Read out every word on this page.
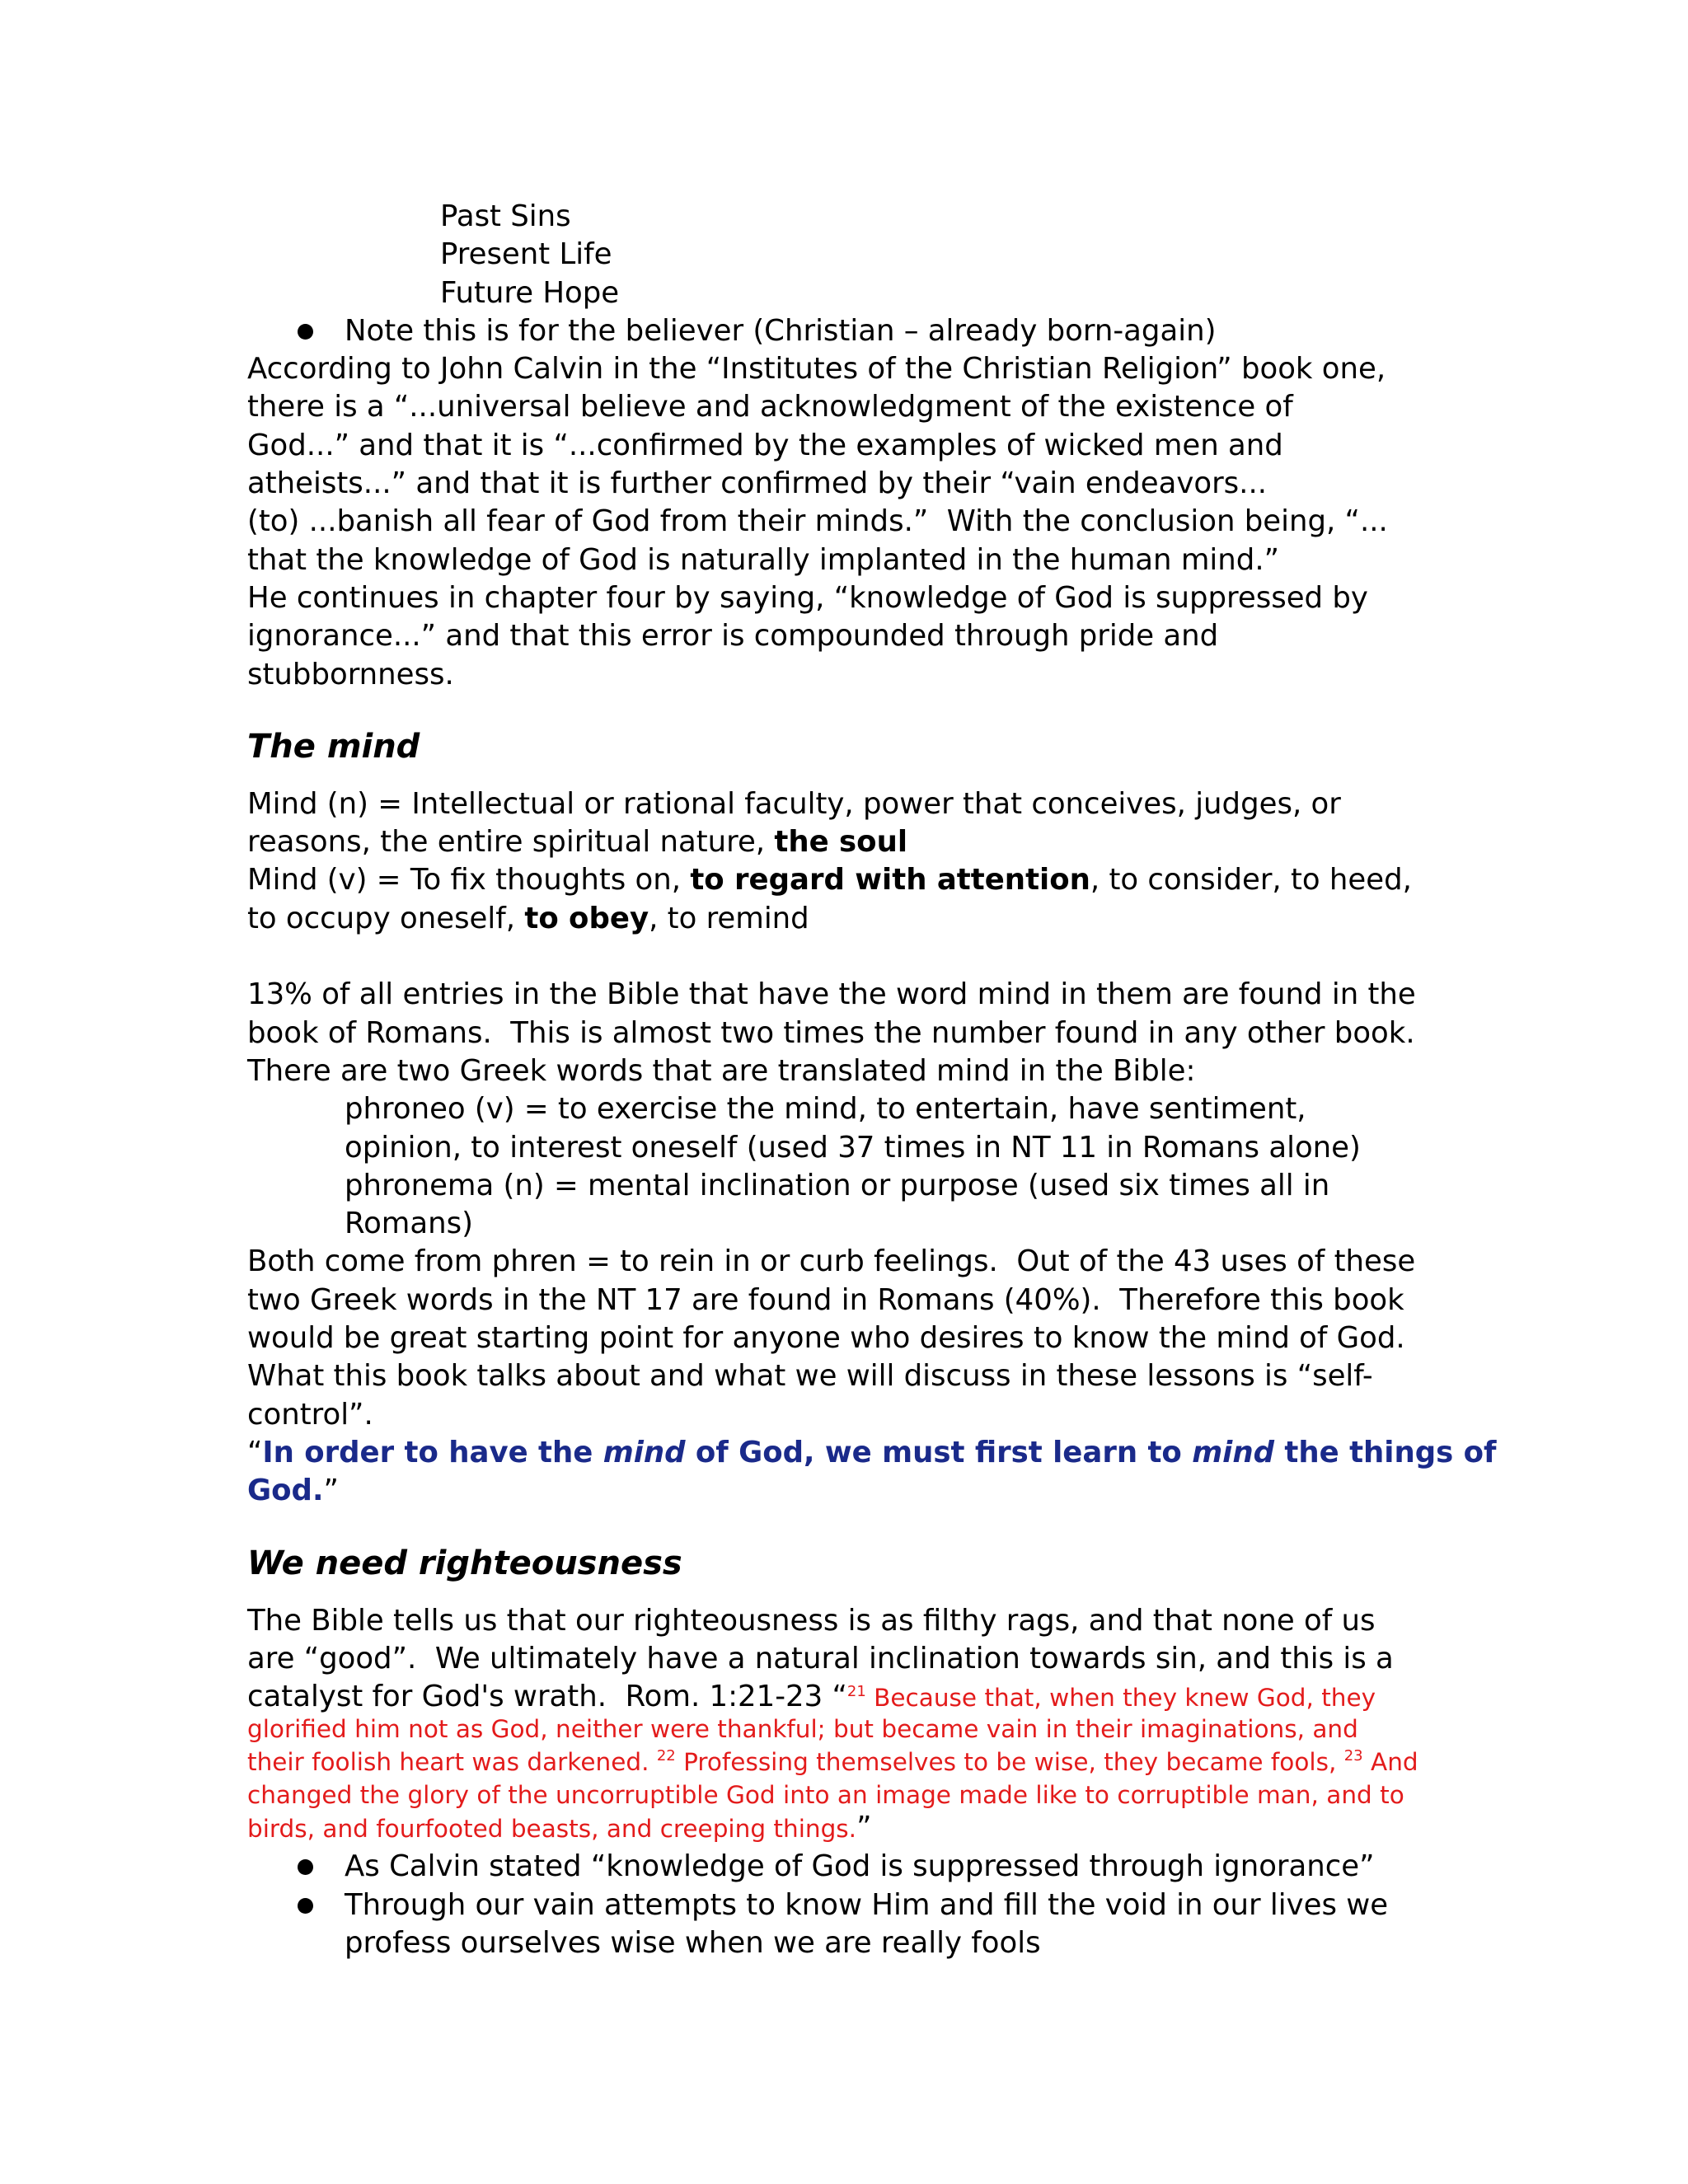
Past Sins
Present Life
Future Hope
Note this is for the believer (Christian – already born-again)
According to John Calvin in the “Institutes of the Christian Religion” book one,
there is a “...universal believe and acknowledgment of the existence of
God...” and that it is “...confirmed by the examples of wicked men and
atheists...” and that it is further confirmed by their “vain endeavors...
(to) ...banish all fear of God from their minds.”  With the conclusion being, “...
that the knowledge of God is naturally implanted in the human mind.”
He continues in chapter four by saying, “knowledge of God is suppressed by
ignorance...” and that this error is compounded through pride and
stubbornness.
The mind
Mind (n) = Intellectual or rational faculty, power that conceives, judges, or
reasons, the entire spiritual nature, the soul
Mind (v) = To fix thoughts on, to regard with attention, to consider, to heed,
to occupy oneself, to obey, to remind
13% of all entries in the Bible that have the word mind in them are found in the
book of Romans.  This is almost two times the number found in any other book.
There are two Greek words that are translated mind in the Bible:
phroneo (v) = to exercise the mind, to entertain, have sentiment,
opinion, to interest oneself (used 37 times in NT 11 in Romans alone)
phronema (n) = mental inclination or purpose (used six times all in
Romans)
Both come from phren = to rein in or curb feelings.  Out of the 43 uses of these
two Greek words in the NT 17 are found in Romans (40%).  Therefore this book
would be great starting point for anyone who desires to know the mind of God.
What this book talks about and what we will discuss in these lessons is “self-
control”.
“In order to have the mind of God, we must first learn to mind the things of
God.”
We need righteousness
The Bible tells us that our righteousness is as filthy rags, and that none of us
are “good”.  We ultimately have a natural inclination towards sin, and this is a
catalyst for God's wrath.  Rom. 1:21-23 “$^{21}$ Because that, when they knew God, they
glorified him not as God, neither were thankful; but became vain in their imaginations, and
their foolish heart was darkened. $^{22}$ Professing themselves to be wise, they became fools, $^{23}$ And
changed the glory of the uncorruptible God into an image made like to corruptible man, and to
birds, and fourfooted beasts, and creeping things.”
As Calvin stated “knowledge of God is suppressed through ignorance”
Through our vain attempts to know Him and fill the void in our lives we
profess ourselves wise when we are really fools
